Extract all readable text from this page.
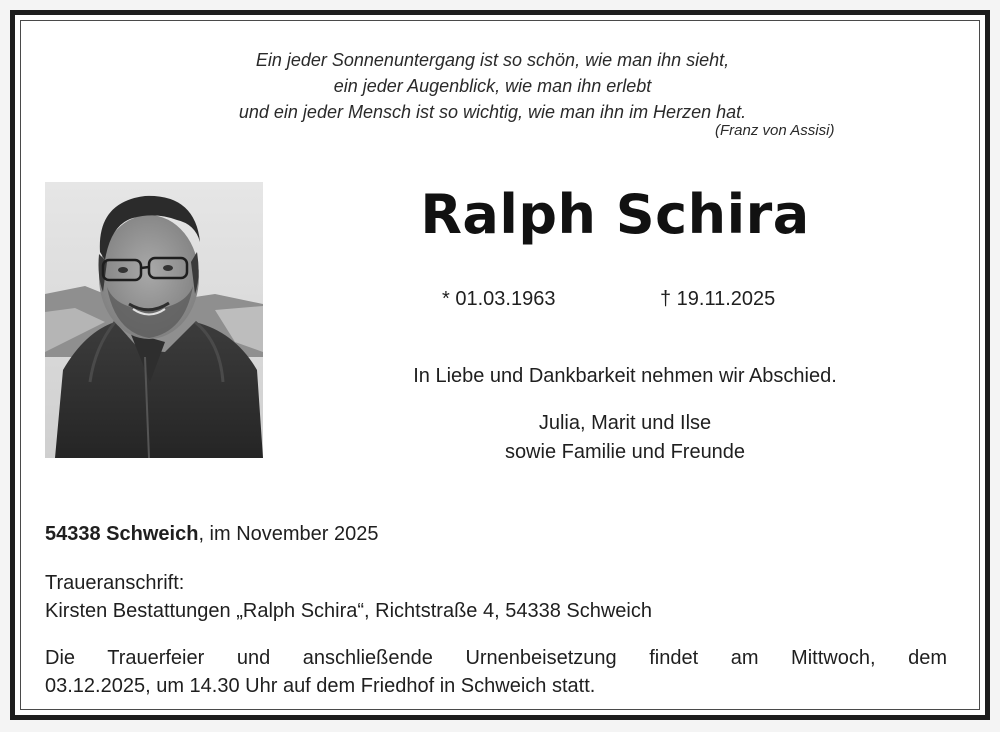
Ein jeder Sonnenuntergang ist so schön, wie man ihn sieht,
ein jeder Augenblick, wie man ihn erlebt
und ein jeder Mensch ist so wichtig, wie man ihn im Herzen hat.
(Franz von Assisi)
Ralph Schira
* 01.03.1963	† 19.11.2025
In Liebe und Dankbarkeit nehmen wir Abschied.
Julia, Marit und Ilse
sowie Familie und Freunde
54338 Schweich, im November 2025
Traueranschrift:
Kirsten Bestattungen „Ralph Schira“, Richtstraße 4, 54338 Schweich
Die Trauerfeier und anschließende Urnenbeisetzung findet am Mittwoch, dem
03.12.2025, um 14.30 Uhr auf dem Friedhof in Schweich statt.
